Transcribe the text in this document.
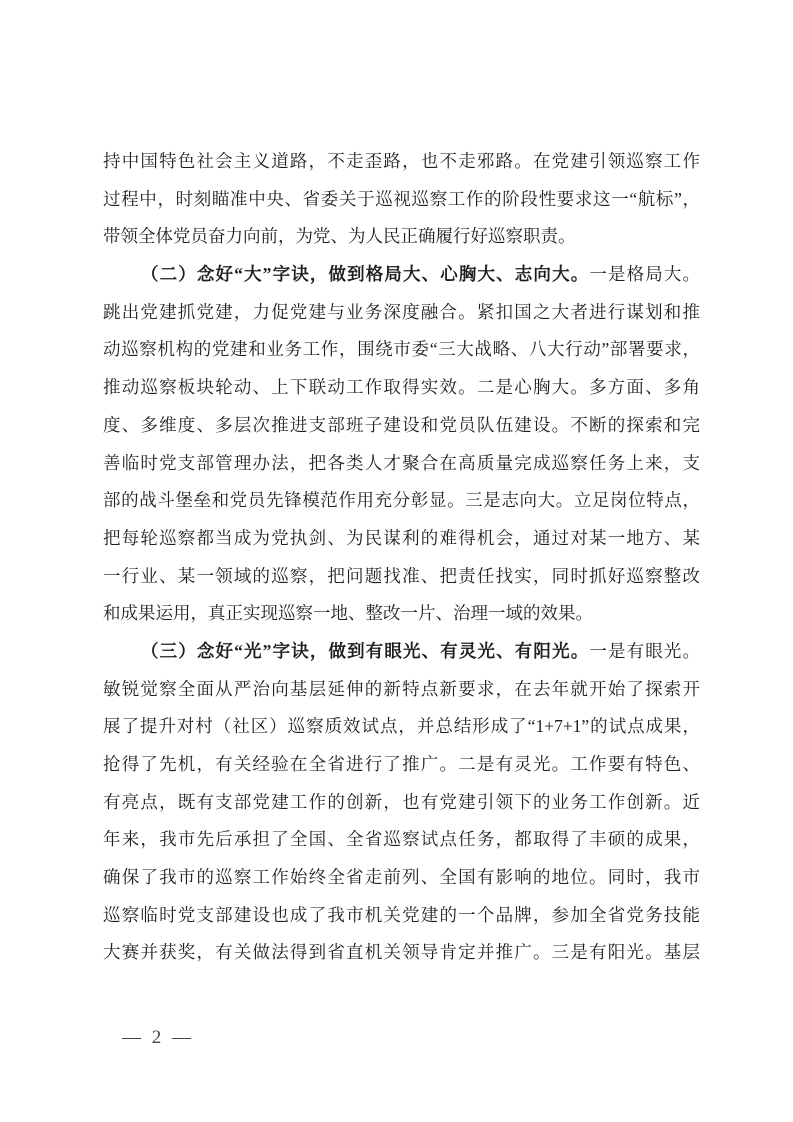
持中国特色社会主义道路，不走歪路，也不走邪路。在党建引领巡察工作
过程中，时刻瞄准中央、省委关于巡视巡察工作的阶段性要求这一“航标”，
带领全体党员奋力向前，为党、为人民正确履行好巡察职责。
（二）念好“大”字诀，做到格局大、心胸大、志向大。一是格局大。
跳出党建抓党建，力促党建与业务深度融合。紧扣国之大者进行谋划和推
动巡察机构的党建和业务工作，围绕市委“三大战略、八大行动”部署要求，
推动巡察板块轮动、上下联动工作取得实效。二是心胸大。多方面、多角
度、多维度、多层次推进支部班子建设和党员队伍建设。不断的探索和完
善临时党支部管理办法，把各类人才聚合在高质量完成巡察任务上来，支
部的战斗堡垒和党员先锋模范作用充分彰显。三是志向大。立足岗位特点，
把每轮巡察都当成为党执剑、为民谋利的难得机会，通过对某一地方、某
一行业、某一领域的巡察，把问题找准、把责任找实，同时抓好巡察整改
和成果运用，真正实现巡察一地、整改一片、治理一域的效果。
（三）念好“光”字诀，做到有眼光、有灵光、有阳光。一是有眼光。
敏锐觉察全面从严治向基层延伸的新特点新要求，在去年就开始了探索开
展了提升对村（社区）巡察质效试点，并总结形成了“1+7+1”的试点成果，
抢得了先机，有关经验在全省进行了推广。二是有灵光。工作要有特色、
有亮点，既有支部党建工作的创新，也有党建引领下的业务工作创新。近
年来，我市先后承担了全国、全省巡察试点任务，都取得了丰硕的成果，
确保了我市的巡察工作始终全省走前列、全国有影响的地位。同时，我市
巡察临时党支部建设也成了我市机关党建的一个品牌，参加全省党务技能
大赛并获奖，有关做法得到省直机关领导肯定并推广。三是有阳光。基层
— 2 —
